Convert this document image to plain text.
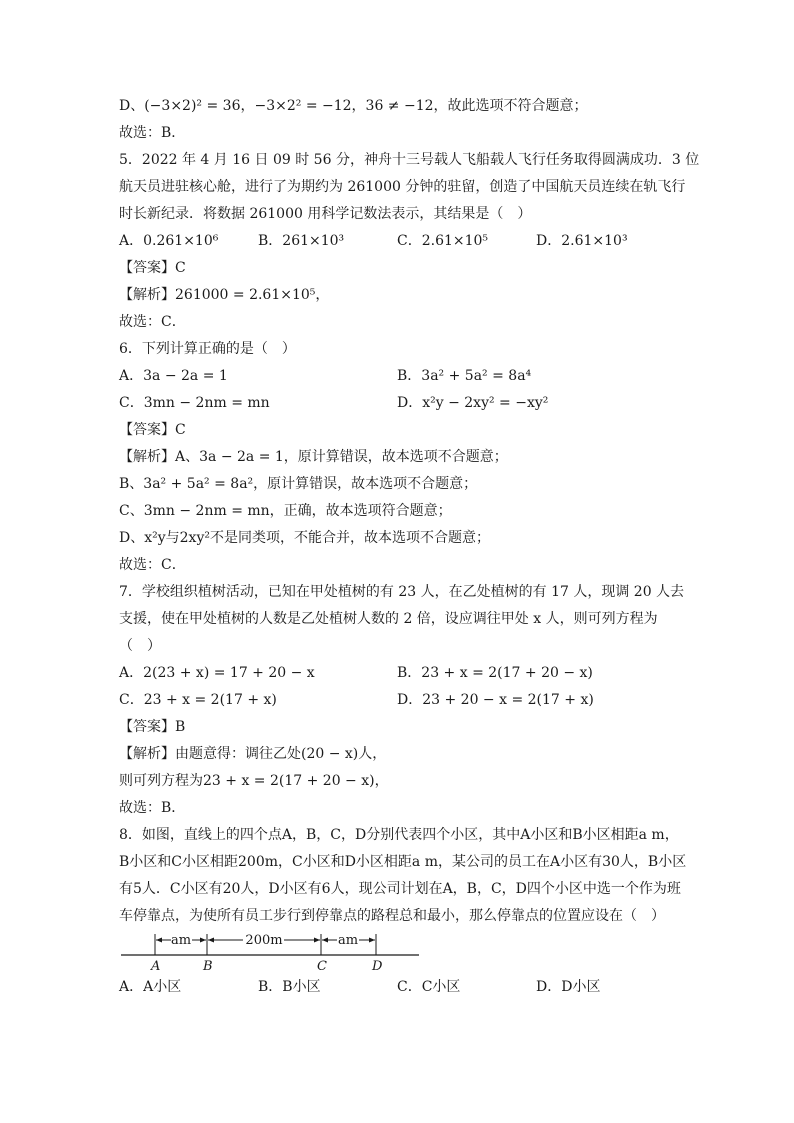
D、(−3×2)² = 36，−3×2² = −12，36 ≠ −12，故此选项不符合题意；
故选：B．
5．2022 年 4 月 16 日 09 时 56 分，神舟十三号载人飞船载人飞行任务取得圆满成功．3 位
航天员进驻核心舱，进行了为期约为 261000 分钟的驻留，创造了中国航天员连续在轨飞行
时长新纪录．将数据 261000 用科学记数法表示，其结果是（　）
A．0.261×10⁶	B．261×10³	C．2.61×10⁵	D．2.61×10³
【答案】C
【解析】261000 = 2.61×10⁵，
故选：C．
6．下列计算正确的是（　）
A．3a − 2a = 1	B．3a² + 5a² = 8a⁴
C．3mn − 2nm = mn	D．x²y − 2xy² = −xy²
【答案】C
【解析】A、3a − 2a = 1，原计算错误，故本选项不合题意；
B、3a² + 5a² = 8a²，原计算错误，故本选项不合题意；
C、3mn − 2nm = mn，正确，故本选项符合题意；
D、x²y与2xy²不是同类项，不能合并，故本选项不合题意；
故选：C．
7．学校组织植树活动，已知在甲处植树的有 23 人，在乙处植树的有 17 人，现调 20 人去
支援，使在甲处植树的人数是乙处植树人数的 2 倍，设应调往甲处 x 人，则可列方程为
（　）
A．2(23 + x) = 17 + 20 − x	B．23 + x = 2(17 + 20 − x)
C．23 + x = 2(17 + x)	D．23 + 20 − x = 2(17 + x)
【答案】B
【解析】由题意得：调往乙处(20 − x)人，
则可列方程为23 + x = 2(17 + 20 − x)，
故选：B．
8．如图，直线上的四个点A，B，C，D分别代表四个小区，其中A小区和B小区相距a m，
B小区和C小区相距200m，C小区和D小区相距a m，某公司的员工在A小区有30人，B小区
有5人．C小区有20人，D小区有6人，现公司计划在A，B，C，D四个小区中选一个作为班
车停靠点，为使所有员工步行到停靠点的路程总和最小，那么停靠点的位置应设在（　）
am	200m	am
A	B	C	D
A．A小区	B．B小区	C．C小区	D．D小区
